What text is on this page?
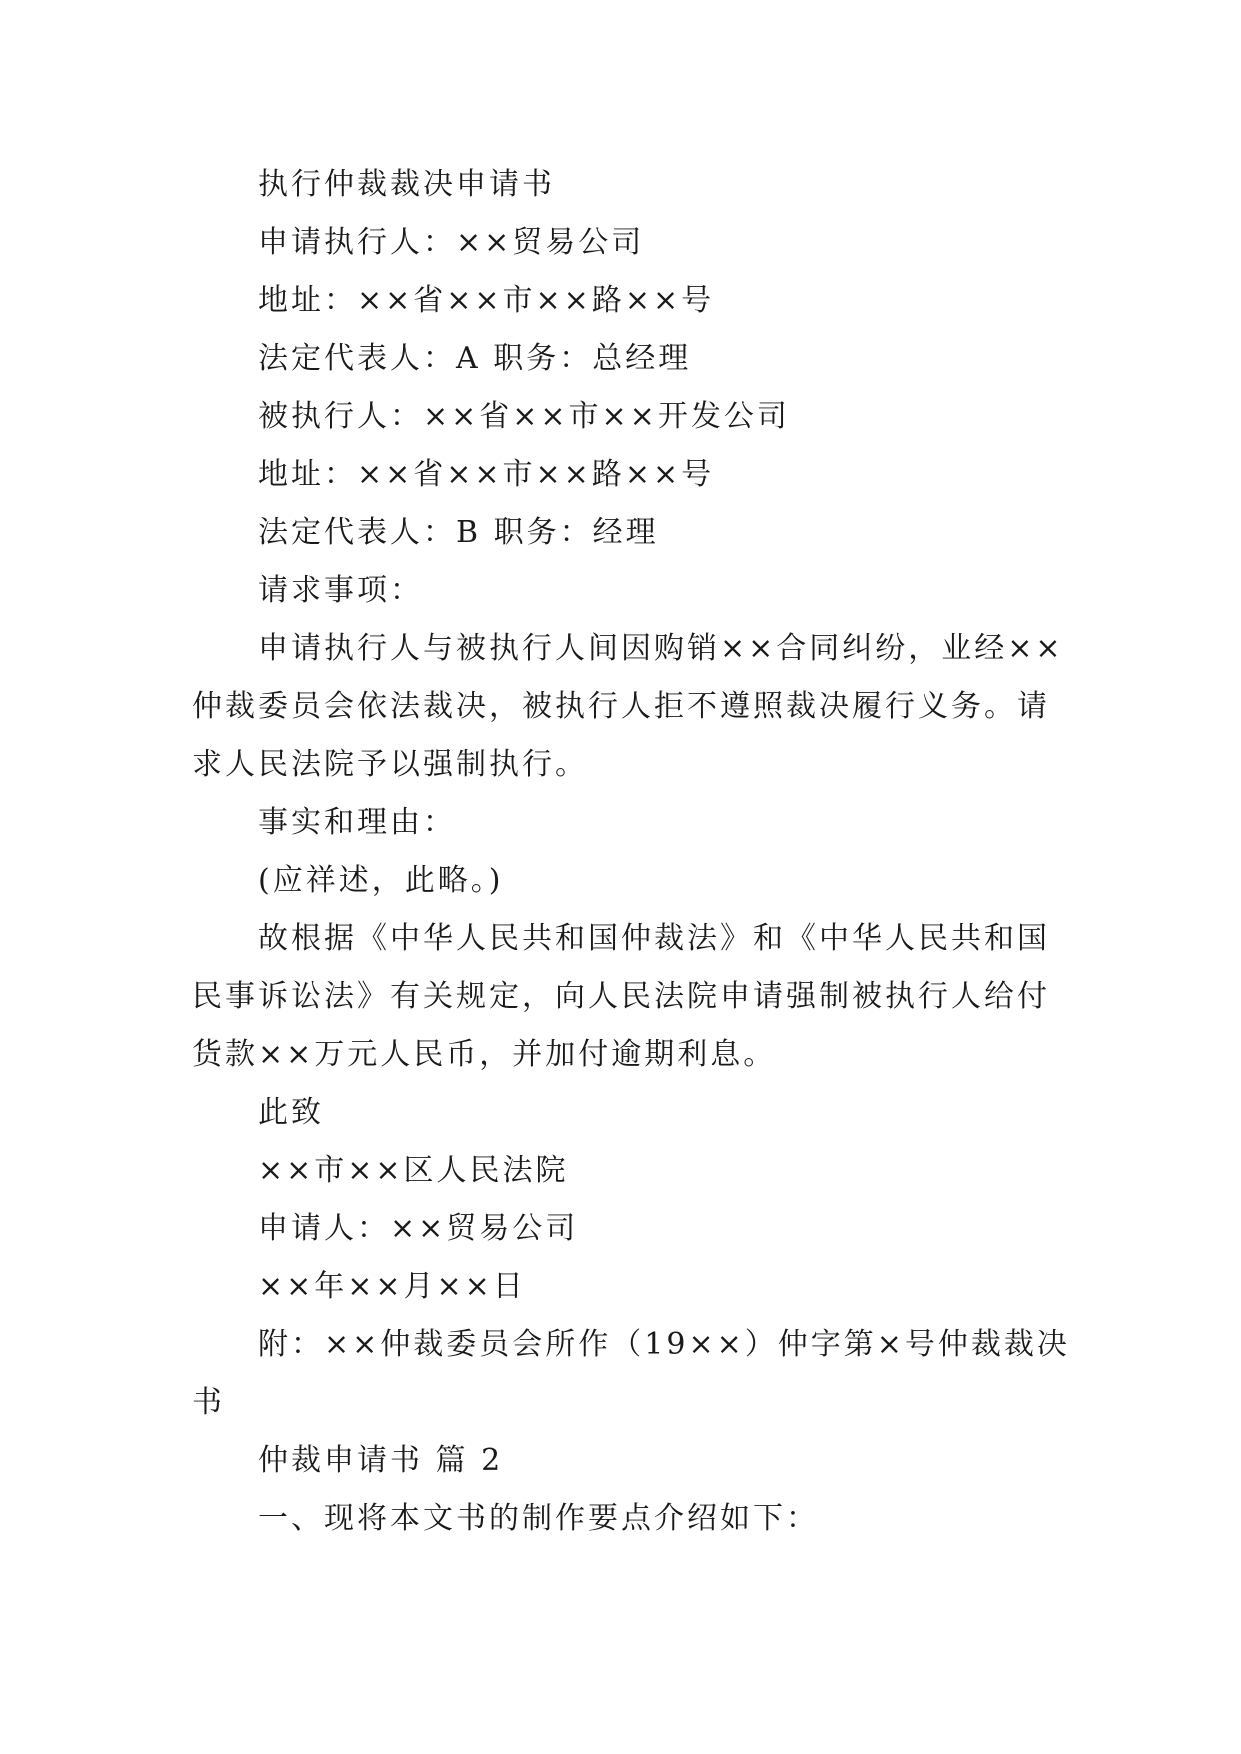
执行仲裁裁决申请书

申请执行人：××贸易公司

地址：××省××市××路××号

法定代表人：A 职务：总经理

被执行人：××省××市××开发公司

地址：××省××市××路××号

法定代表人：B 职务：经理

请求事项：

申请执行人与被执行人间因购销××合同纠纷，业经××仲裁委员会依法裁决，被执行人拒不遵照裁决履行义务。请求人民法院予以强制执行。

事实和理由：

(应祥述，此略。)

故根据《中华人民共和国仲裁法》和《中华人民共和国民事诉讼法》有关规定，向人民法院申请强制被执行人给付货款××万元人民币，并加付逾期利息。

此致

××市××区人民法院

申请人：××贸易公司

××年××月××日

附：××仲裁委员会所作（19××）仲字第×号仲裁裁决书

仲裁申请书 篇 2

一、现将本文书的制作要点介绍如下：
